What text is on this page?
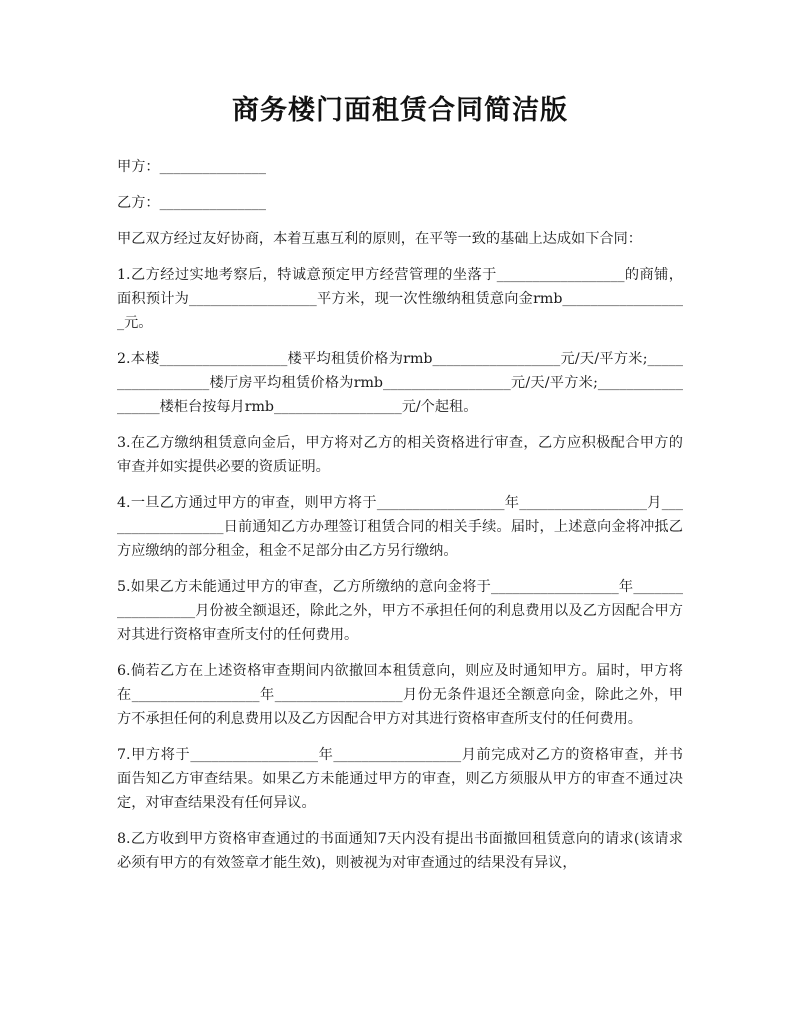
商务楼门面租赁合同简洁版

甲方：_______________

乙方：_______________

甲乙双方经过友好协商，本着互惠互利的原则，在平等一致的基础上达成如下合同：

1.乙方经过实地考察后，特诚意预定甲方经营管理的坐落于__________________的商铺，面积预计为__________________平方米，现一次性缴纳租赁意向金rmb__________________元。

2.本楼__________________楼平均租赁价格为rmb__________________元/天/平方米;__________________楼厅房平均租赁价格为rmb__________________元/天/平方米;__________________楼柜台按每月rmb__________________元/个起租。

3.在乙方缴纳租赁意向金后，甲方将对乙方的相关资格进行审查，乙方应积极配合甲方的审查并如实提供必要的资质证明。

4.一旦乙方通过甲方的审查，则甲方将于__________________年__________________月__________________日前通知乙方办理签订租赁合同的相关手续。届时，上述意向金将冲抵乙方应缴纳的部分租金，租金不足部分由乙方另行缴纳。

5.如果乙方未能通过甲方的审查，乙方所缴纳的意向金将于__________________年__________________月份被全额退还，除此之外，甲方不承担任何的利息费用以及乙方因配合甲方对其进行资格审查所支付的任何费用。

6.倘若乙方在上述资格审查期间内欲撤回本租赁意向，则应及时通知甲方。届时，甲方将在__________________年__________________月份无条件退还全额意向金，除此之外，甲方不承担任何的利息费用以及乙方因配合甲方对其进行资格审查所支付的任何费用。

7.甲方将于__________________年__________________月前完成对乙方的资格审查，并书面告知乙方审查结果。如果乙方未能通过甲方的审查，则乙方须服从甲方的审查不通过决定，对审查结果没有任何异议。

8.乙方收到甲方资格审查通过的书面通知7天内没有提出书面撤回租赁意向的请求(该请求必须有甲方的有效签章才能生效)，则被视为对审查通过的结果没有异议，
